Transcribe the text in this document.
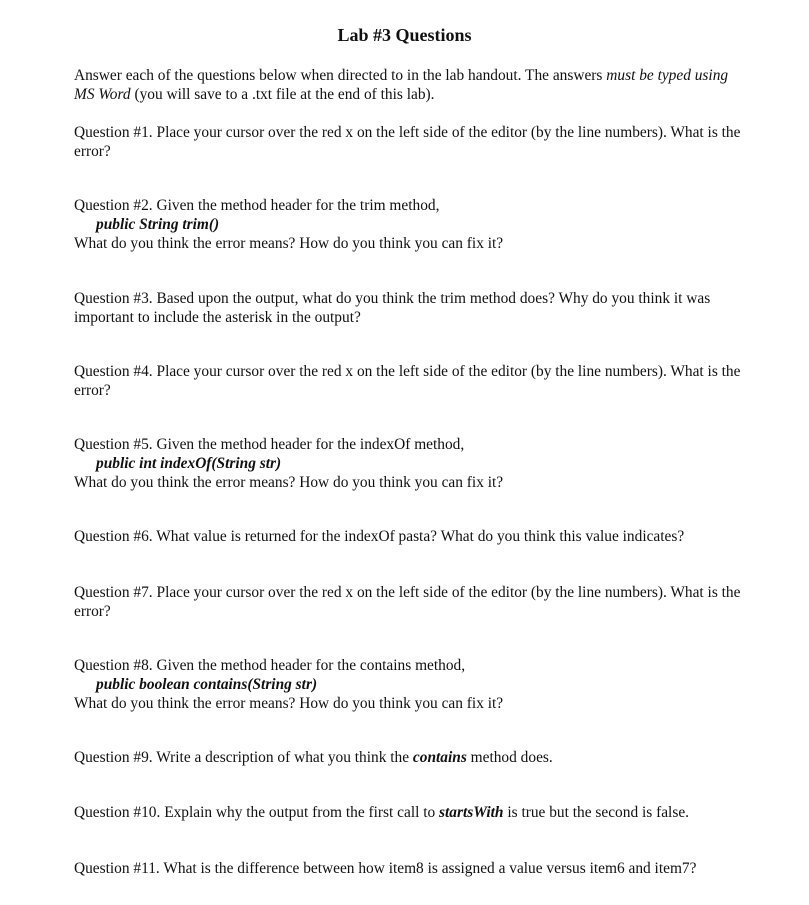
Lab #3 Questions

Answer each of the questions below when directed to in the lab handout. The answers must be typed using MS Word (you will save to a .txt file at the end of this lab).

Question #1. Place your cursor over the red x on the left side of the editor (by the line numbers). What is the error?

Question #2. Given the method header for the trim method,
public String trim()
What do you think the error means? How do you think you can fix it?

Question #3. Based upon the output, what do you think the trim method does? Why do you think it was important to include the asterisk in the output?

Question #4. Place your cursor over the red x on the left side of the editor (by the line numbers). What is the error?

Question #5. Given the method header for the indexOf method,
public int indexOf(String str)
What do you think the error means? How do you think you can fix it?

Question #6. What value is returned for the indexOf pasta? What do you think this value indicates?

Question #7. Place your cursor over the red x on the left side of the editor (by the line numbers). What is the error?

Question #8. Given the method header for the contains method,
public boolean contains(String str)
What do you think the error means? How do you think you can fix it?

Question #9. Write a description of what you think the contains method does.

Question #10. Explain why the output from the first call to startsWith is true but the second is false.

Question #11. What is the difference between how item8 is assigned a value versus item6 and item7?
